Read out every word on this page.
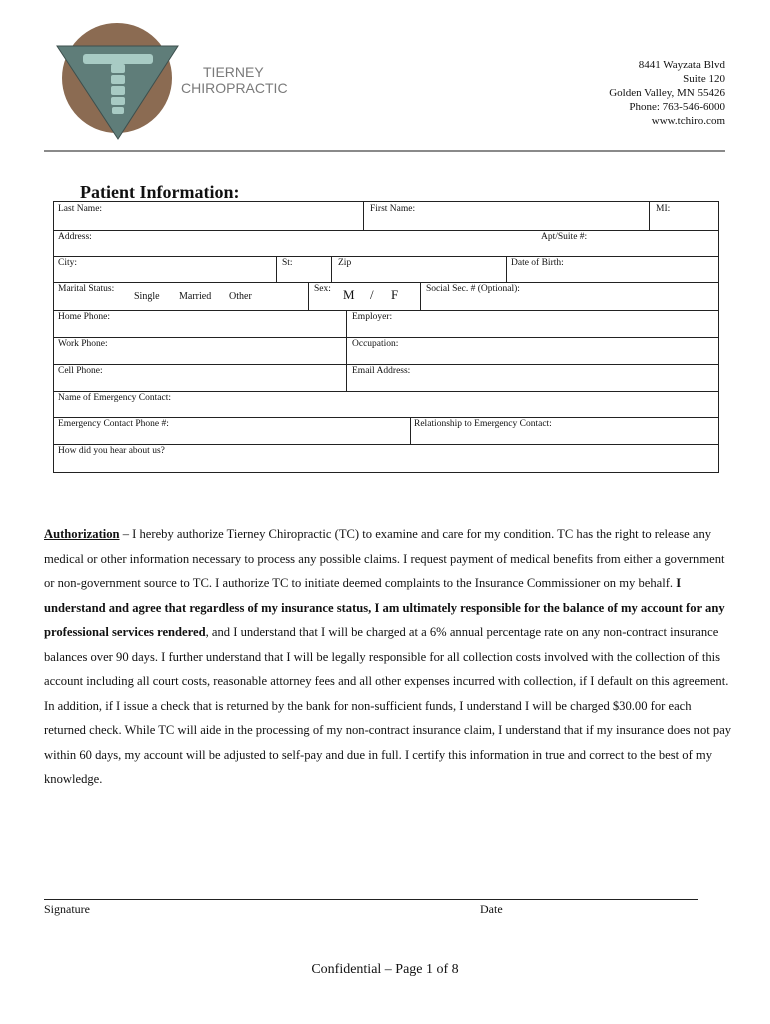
TIERNEY
CHIROPRACTIC
8441 Wayzata Blvd
Suite 120
Golden Valley, MN 55426
Phone: 763-546-6000
www.tchiro.com
Patient Information:
Last Name:	First Name:	MI:
Address:	Apt/Suite #:
City:	St:	Zip	Date of Birth:
Marital Status:
Single Married Other
Sex: M / F	Social Sec. # (Optional):
Home Phone:	Employer:
Work Phone:	Occupation:
Cell Phone:	Email Address:
Name of Emergency Contact:
Emergency Contact Phone #:	Relationship to Emergency Contact:
How did you hear about us?
Authorization – I hereby authorize Tierney Chiropractic (TC) to examine and care for my condition. TC has the right to release any medical or other information necessary to process any possible claims. I request payment of medical benefits from either a government or non-government source to TC. I authorize TC to initiate deemed complaints to the Insurance Commissioner on my behalf. I understand and agree that regardless of my insurance status, I am ultimately responsible for the balance of my account for any professional services rendered, and I understand that I will be charged at a 6% annual percentage rate on any non-contract insurance balances over 90 days. I further understand that I will be legally responsible for all collection costs involved with the collection of this account including all court costs, reasonable attorney fees and all other expenses incurred with collection, if I default on this agreement. In addition, if I issue a check that is returned by the bank for non-sufficient funds, I understand I will be charged $30.00 for each returned check. While TC will aide in the processing of my non-contract insurance claim, I understand that if my insurance does not pay within 60 days, my account will be adjusted to self-pay and due in full. I certify this information in true and correct to the best of my knowledge.
Signature	Date
Confidential – Page 1 of 8
